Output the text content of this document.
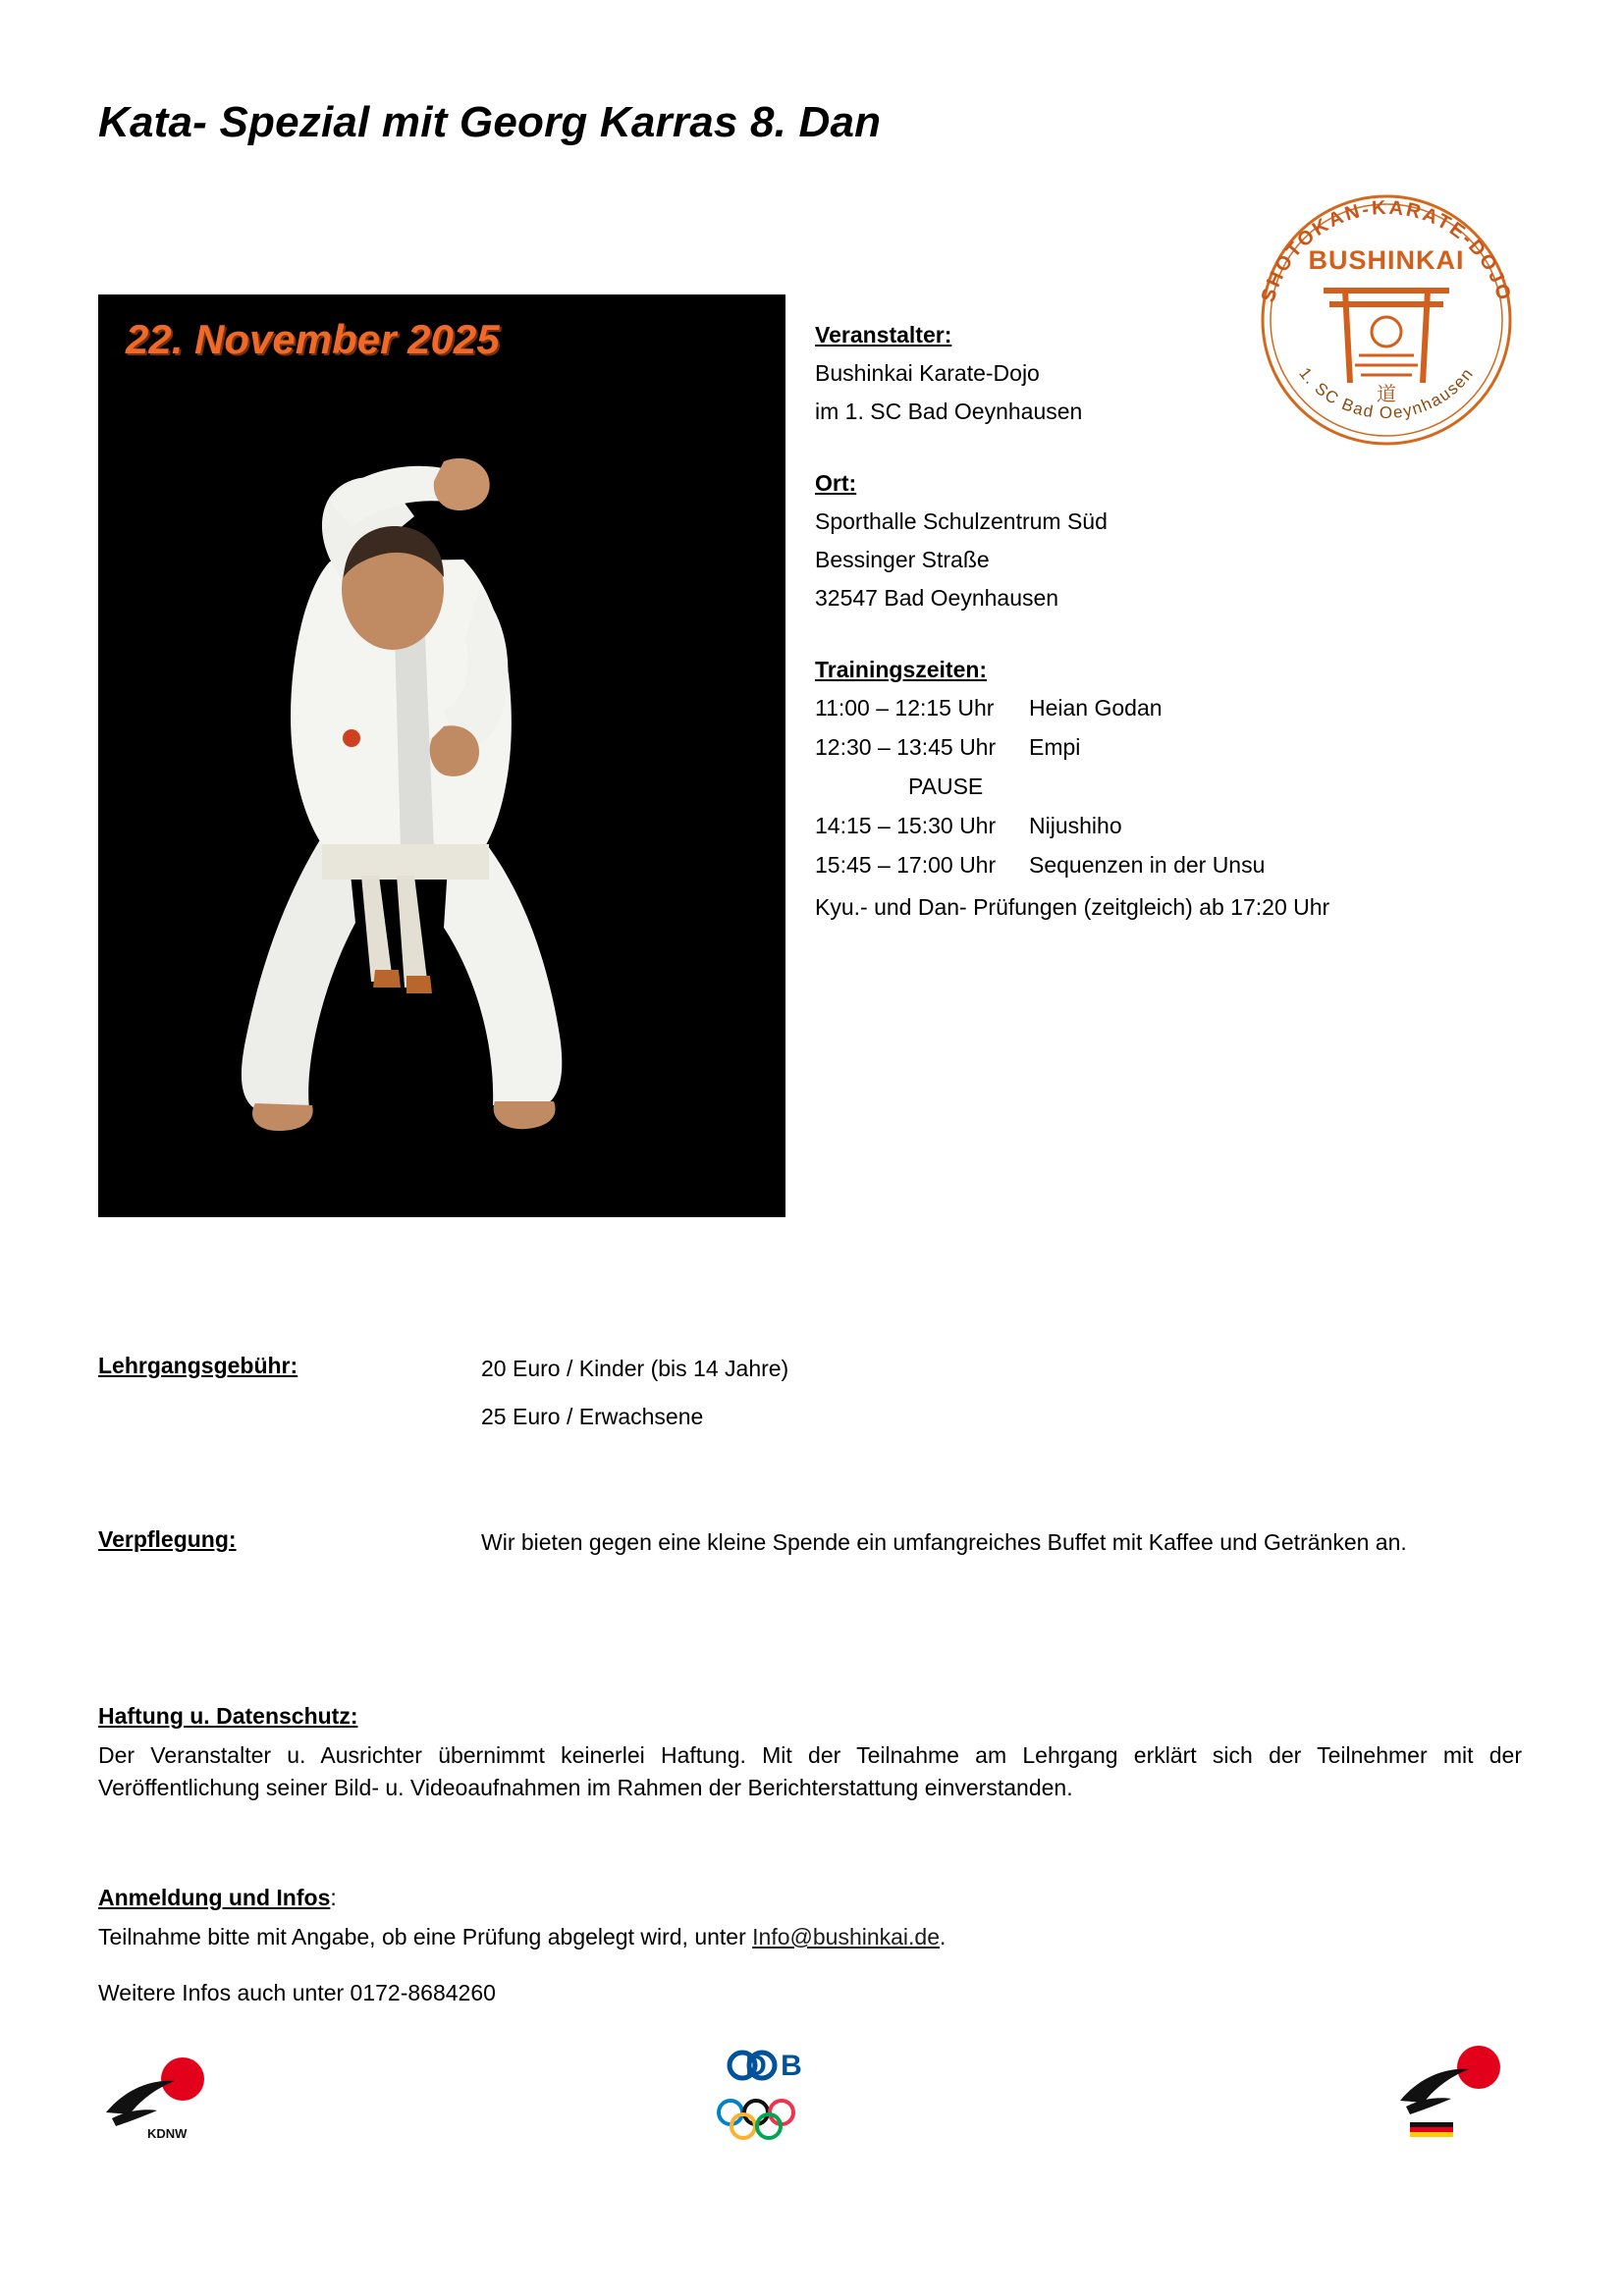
Kata- Spezial mit Georg Karras 8. Dan
SHOTOKAN-KARATE-DOJO
1. SC Bad Oeynhausen
BUSHINKAI
道
22. November 2025	Veranstalter:
Bushinkai Karate-Dojo
im 1. SC Bad Oeynhausen
Ort:
Sporthalle Schulzentrum Süd
Bessinger Straße
32547 Bad Oeynhausen
Trainingszeiten:
11:00 – 12:15 Uhr	Heian Godan
12:30 – 13:45 Uhr	Empi
PAUSE
14:15 – 15:30 Uhr	Nijushiho
15:45 – 17:00 Uhr	Sequenzen in der Unsu
Kyu.- und Dan- Prüfungen (zeitgleich) ab 17:20 Uhr
Lehrgangsgebühr:	20 Euro / Kinder (bis 14 Jahre)
25 Euro / Erwachsene
Verpflegung:	Wir bieten gegen eine kleine Spende ein umfangreiches Buffet mit Kaffee und Getränken an.
Haftung u. Datenschutz:

Der Veranstalter u. Ausrichter übernimmt keinerlei Haftung. Mit der Teilnahme am Lehrgang erklärt sich der Teilnehmer mit der Veröffentlichung seiner Bild- u. Videoaufnahmen im Rahmen der Berichterstattung einverstanden.

Anmeldung und Infos:

Teilnahme bitte mit Angabe, ob eine Prüfung abgelegt wird, unter Info@bushinkai.de.

Weitere Infos auch unter 0172-8684260

KDNW
D B
